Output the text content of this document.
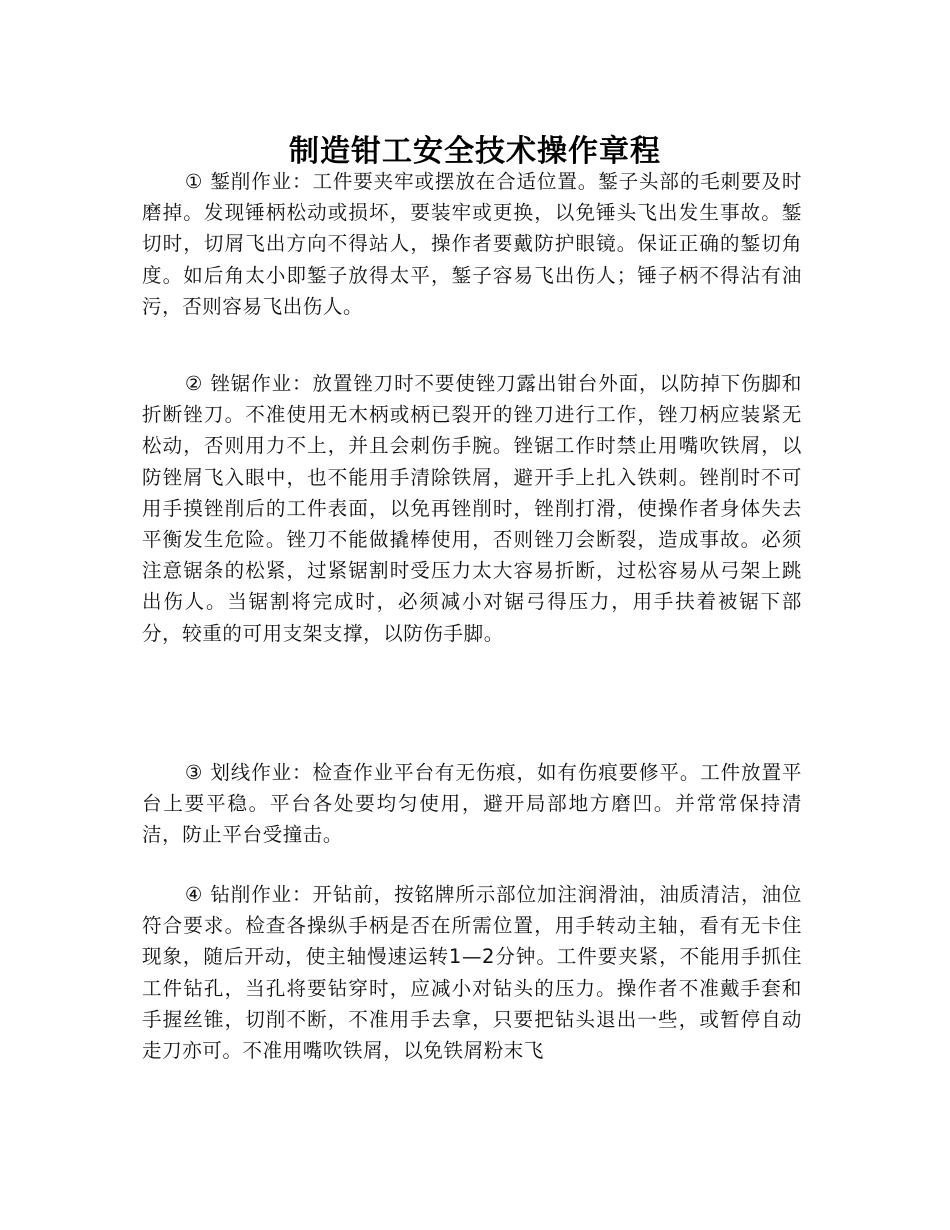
制造钳工安全技术操作章程

① 錾削作业：工件要夹牢或摆放在合适位置。錾子头部的毛刺要及时磨掉。发现锤柄松动或损坏，要装牢或更换，以免锤头飞出发生事故。錾切时，切屑飞出方向不得站人，操作者要戴防护眼镜。保证正确的錾切角度。如后角太小即錾子放得太平，錾子容易飞出伤人；锤子柄不得沾有油污，否则容易飞出伤人。

② 锉锯作业：放置锉刀时不要使锉刀露出钳台外面，以防掉下伤脚和折断锉刀。不准使用无木柄或柄已裂开的锉刀进行工作，锉刀柄应装紧无松动，否则用力不上，并且会刺伤手腕。锉锯工作时禁止用嘴吹铁屑，以防锉屑飞入眼中，也不能用手清除铁屑，避开手上扎入铁刺。锉削时不可用手摸锉削后的工件表面，以免再锉削时，锉削打滑，使操作者身体失去平衡发生危险。锉刀不能做撬棒使用，否则锉刀会断裂，造成事故。必须注意锯条的松紧，过紧锯割时受压力太大容易折断，过松容易从弓架上跳出伤人。当锯割将完成时，必须减小对锯弓得压力，用手扶着被锯下部分，较重的可用支架支撑，以防伤手脚。

③ 划线作业：检查作业平台有无伤痕，如有伤痕要修平。工件放置平台上要平稳。平台各处要均匀使用，避开局部地方磨凹。并常常保持清洁，防止平台受撞击。

④ 钻削作业：开钻前，按铭牌所示部位加注润滑油，油质清洁，油位符合要求。检查各操纵手柄是否在所需位置，用手转动主轴，看有无卡住现象，随后开动，使主轴慢速运转1—2分钟。工件要夹紧，不能用手抓住工件钻孔，当孔将要钻穿时，应减小对钻头的压力。操作者不准戴手套和手握丝锥，切削不断，不准用手去拿，只要把钻头退出一些，或暂停自动走刀亦可。不准用嘴吹铁屑，以免铁屑粉末飞
